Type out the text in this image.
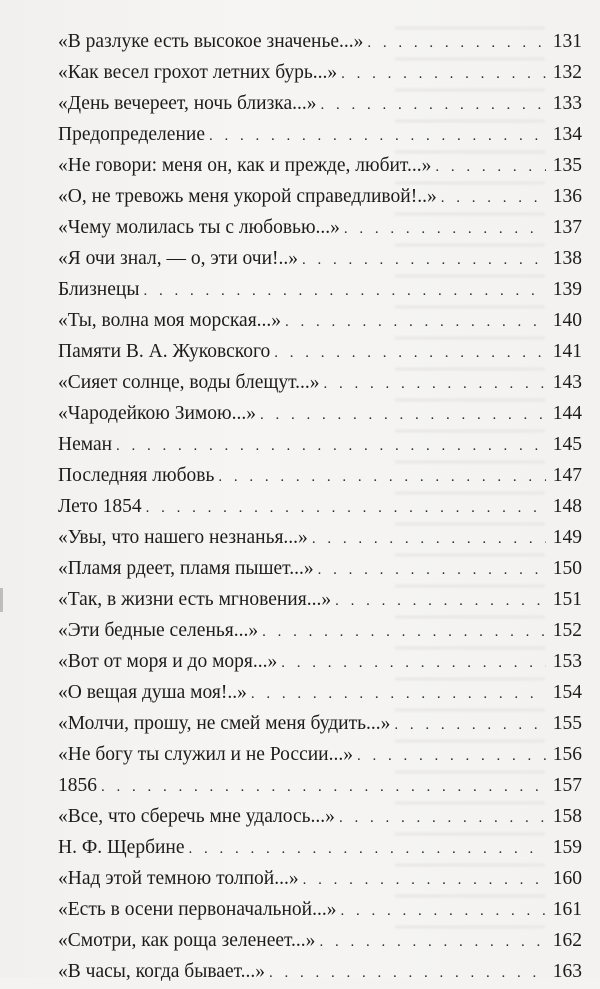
«В разлуке есть высокое значенье...» . . .	131
«Как весел грохот летних бурь...» . . .	132
«День вечереет, ночь близка...» . . .	133
Предопределение . . .	134
«Не говори: меня он, как и прежде, любит...» . . .	135
«О, не тревожь меня укорой справедливой!..» . . .	136
«Чему молилась ты с любовью...» . . .	137
«Я очи знал, — о, эти очи!..» . . .	138
Близнецы . . .	139
«Ты, волна моя морская...» . . .	140
Памяти В. А. Жуковского . . .	141
«Сияет солнце, воды блещут...» . . .	143
«Чародейкою Зимою...» . . .	144
Неман . . .	145
Последняя любовь . . .	147
Лето 1854 . . .	148
«Увы, что нашего незнанья...» . . .	149
«Пламя рдеет, пламя пышет...» . . .	150
«Так, в жизни есть мгновения...» . . .	151
«Эти бедные селенья...» . . .	152
«Вот от моря и до моря...» . . .	153
«О вещая душа моя!..» . . .	154
«Молчи, прошу, не смей меня будить...» . . .	155
«Не богу ты служил и не России...» . . .	156
1856 . . .	157
«Все, что сберечь мне удалось...» . . .	158
Н. Ф. Щербине . . .	159
«Над этой темною толпой...» . . .	160
«Есть в осени первоначальной...» . . .	161
«Смотри, как роща зеленеет...» . . .	162
«В часы, когда бывает...» . . .	163
